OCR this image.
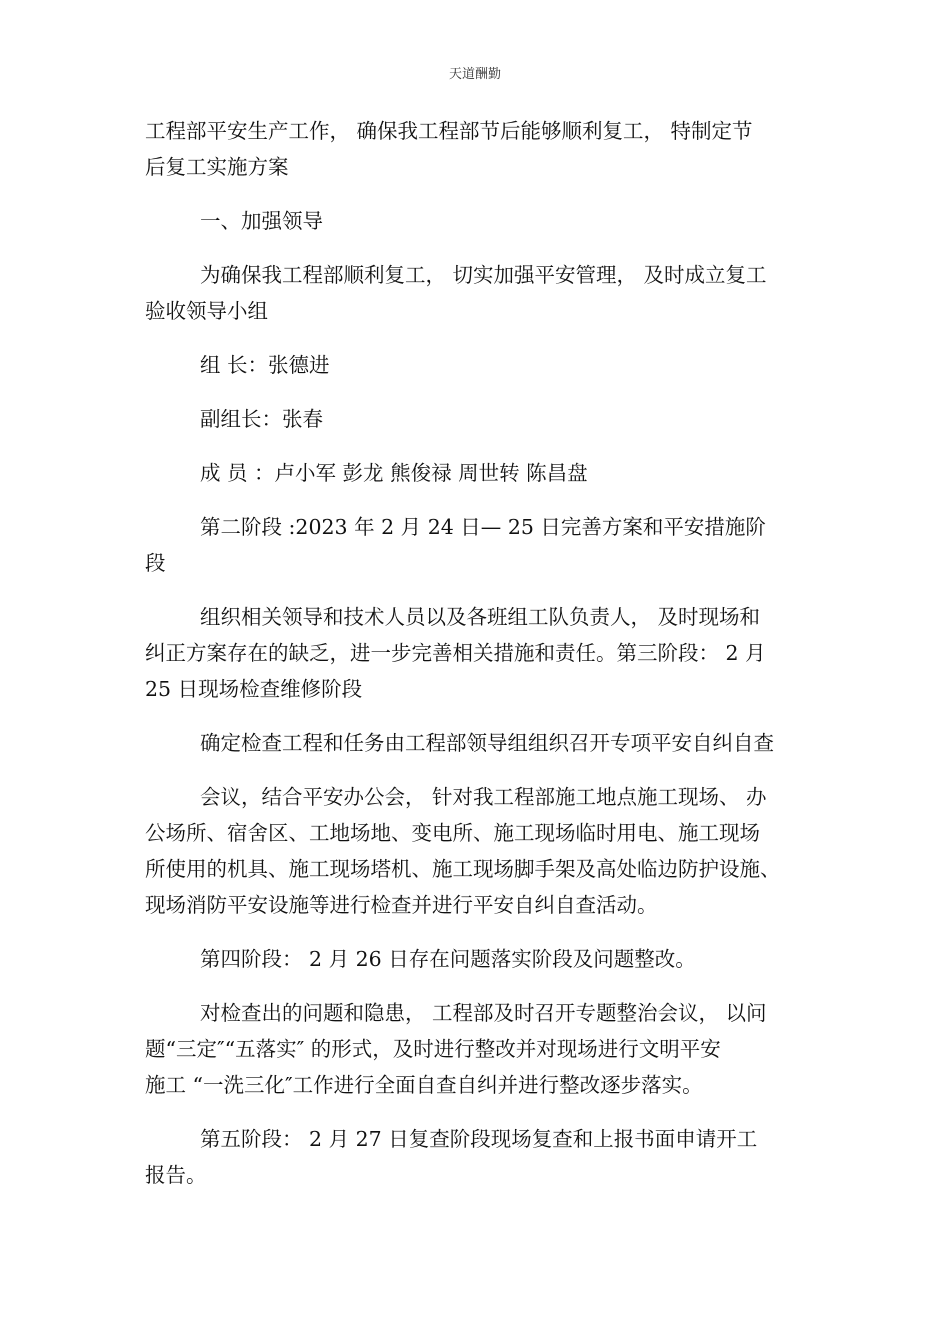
天道酬勤

工程部平安生产工作， 确保我工程部节后能够顺利复工， 特制定节
后复工实施方案

一、加强领导

为确保我工程部顺利复工， 切实加强平安管理， 及时成立复工
验收领导小组

组 长：张德进

副组长：张春

成 员 ：卢小军 彭龙 熊俊禄 周世转 陈昌盘

第二阶段 :2023 年 2 月 24 日— 25 日完善方案和平安措施阶
段

组织相关领导和技术人员以及各班组工队负责人， 及时现场和
纠正方案存在的缺乏，进一步完善相关措施和责任。第三阶段： 2 月
25 日现场检查维修阶段

确定检查工程和任务由工程部领导组组织召开专项平安自纠自查

会议，结合平安办公会， 针对我工程部施工地点施工现场、 办
公场所、宿舍区、工地场地、变电所、施工现场临时用电、施工现场
所使用的机具、施工现场塔机、施工现场脚手架及高处临边防护设施、
现场消防平安设施等进行检查并进行平安自纠自查活动。

第四阶段： 2 月 26 日存在问题落实阶段及问题整改。

对检查出的问题和隐患， 工程部及时召开专题整治会议， 以问
题“三定″“五落实″ 的形式，及时进行整改并对现场进行文明平安
施工 “一洗三化″工作进行全面自查自纠并进行整改逐步落实。

第五阶段： 2 月 27 日复查阶段现场复查和上报书面申请开工
报告。
